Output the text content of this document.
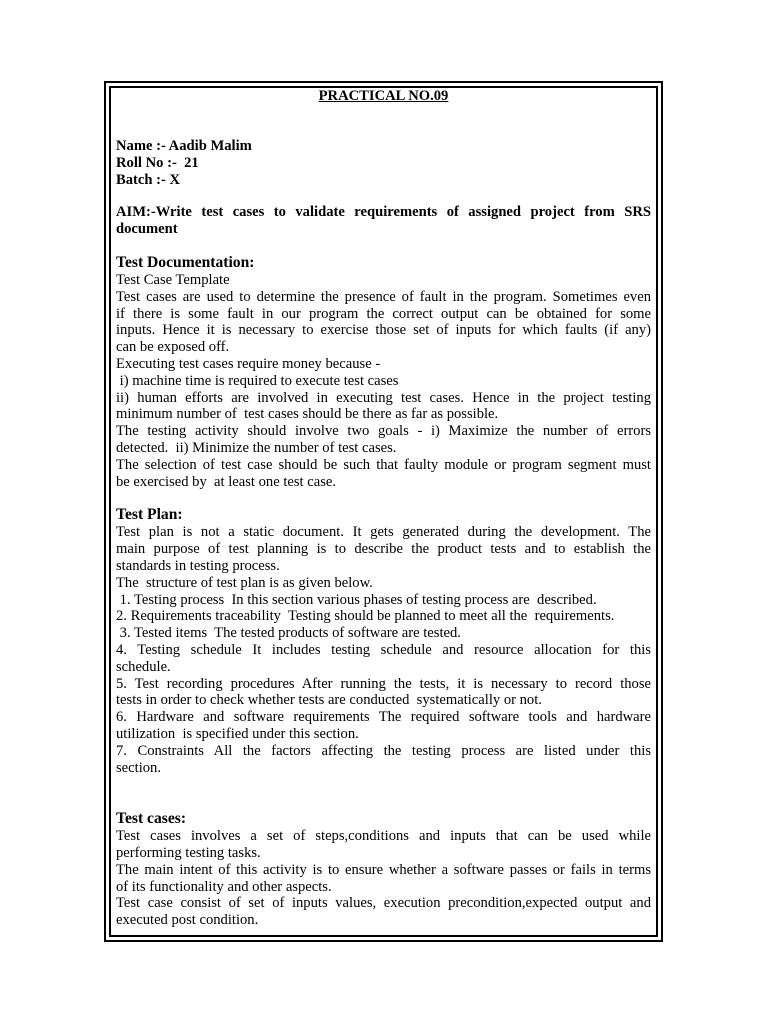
PRACTICAL NO.09
Name :- Aadib Malim
Roll No :-  21
Batch :- X
AIM:-Write test cases to validate requirements of assigned project from SRS
document
Test Documentation:
Test Case Template
Test cases are used to determine the presence of fault in the program. Sometimes even
if there is some fault in our program the correct output can be obtained for some
inputs. Hence it is necessary to exercise those set of inputs for which faults (if any)
can be exposed off.
Executing test cases require money because -
i) machine time is required to execute test cases
ii) human efforts are involved in executing test cases. Hence in the project testing
minimum number of  test cases should be there as far as possible.
The testing activity should involve two goals - i) Maximize the number of errors
detected.  ii) Minimize the number of test cases.
The selection of test case should be such that faulty module or program segment must
be exercised by  at least one test case.
Test Plan:
Test plan is not a static document. It gets generated during the development. The
main purpose of test planning is to describe the product tests and to establish the
standards in testing process.
The  structure of test plan is as given below.
1. Testing process  In this section various phases of testing process are  described.
2. Requirements traceability  Testing should be planned to meet all the  requirements.
3. Tested items  The tested products of software are tested.
4. Testing schedule It includes testing schedule and resource allocation for this
schedule.
5. Test recording procedures After running the tests, it is necessary to record those
tests in order to check whether tests are conducted  systematically or not.
6. Hardware and software requirements The required software tools and hardware
utilization  is specified under this section.
7. Constraints All the factors affecting the testing process are listed under this
section.
Test cases:
Test cases involves a set of steps,conditions and inputs that can be used while
performing testing tasks.
The main intent of this activity is to ensure whether a software passes or fails in terms
of its functionality and other aspects.
Test case consist of set of inputs values, execution precondition,expected output and
executed post condition.
